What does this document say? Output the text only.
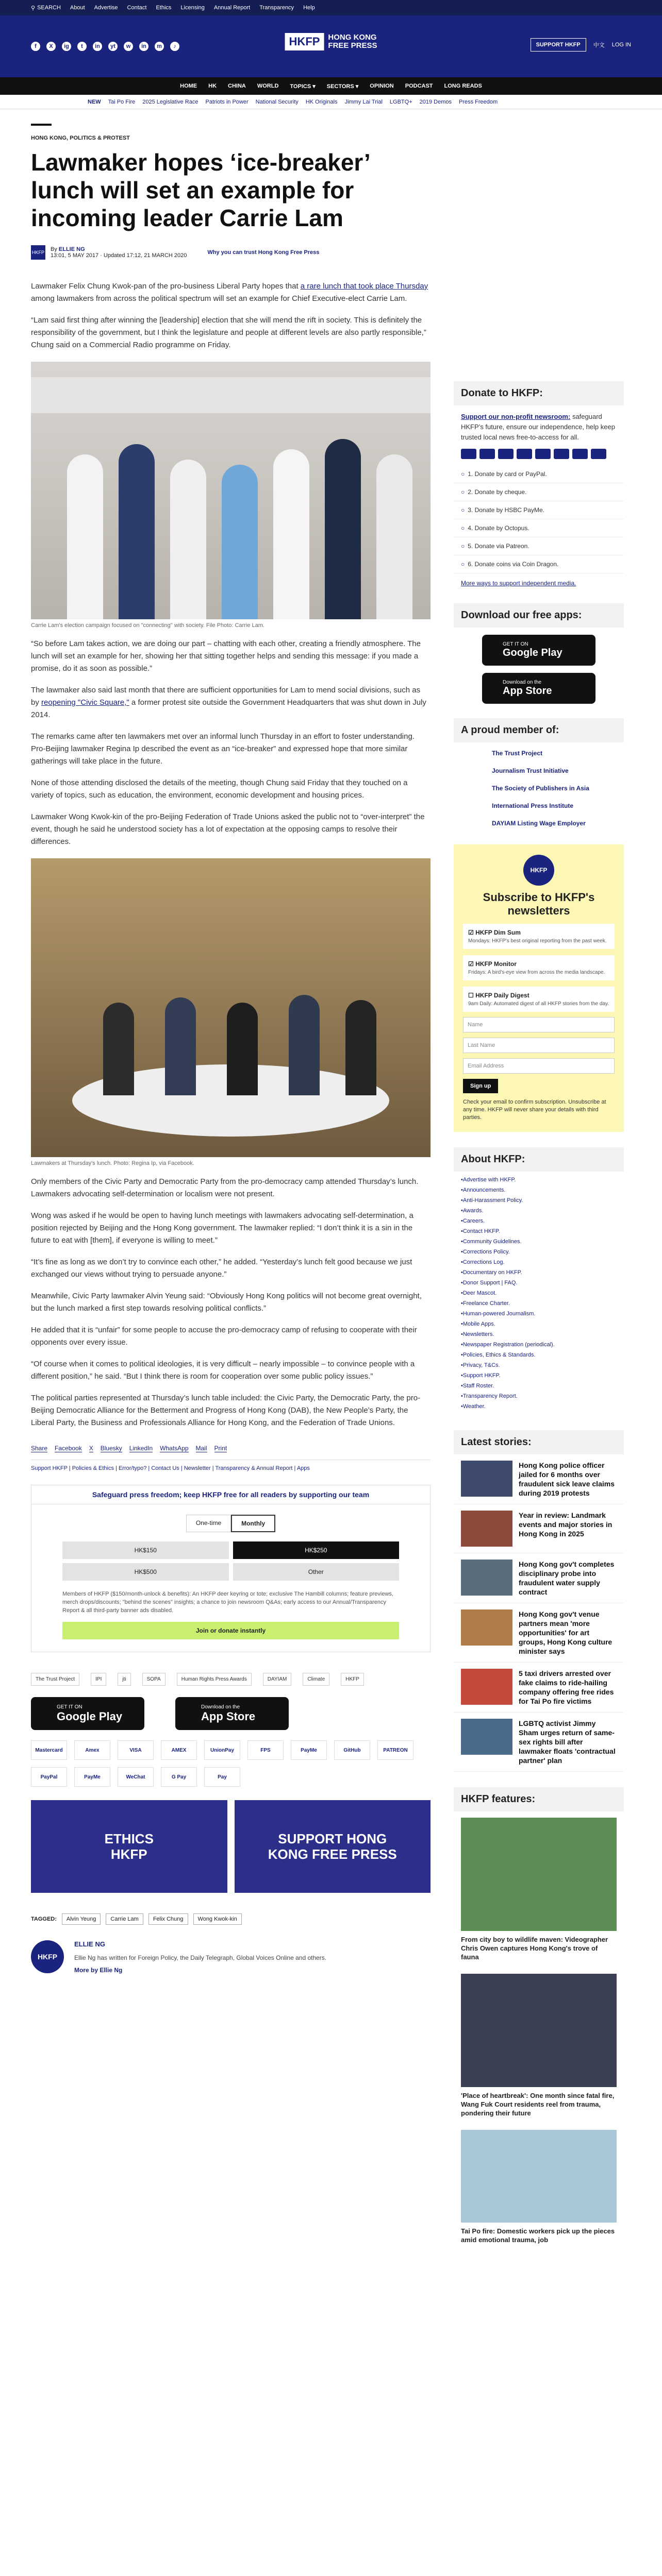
⚲ SEARCH About Advertise Contact Ethics Licensing Annual Report Transparency Help
f	X	ig	t	in	yt	w	in	m	♪	HKFP	HONG KONG
FREE PRESS	SUPPORT HKFP	中文 LOG IN
HOME HK CHINA WORLD TOPICS ▾ SECTORS ▾ OPINION PODCAST LONG READS
NEW Tai Po Fire 2025 Legislative Race Patriots in Power National Security HK Originals Jimmy Lai Trial LGBTQ+ 2019 Demos Press Freedom
HONG KONG, POLITICS & PROTEST
Lawmaker hopes ‘ice-breaker’ lunch will set an example for incoming leader Carrie Lam
HKFP By ELLIE NG
13:01, 5 MAY 2017 · Updated 17:12, 21 MARCH 2020	Why you can trust Hong Kong Free Press

Lawmaker Felix Chung Kwok-pan of the pro-business Liberal Party hopes that a rare lunch that took place Thursday among lawmakers from across the political spectrum will set an example for Chief Executive-elect Carrie Lam.

“Lam said first thing after winning the [leadership] election that she will mend the rift in society. This is definitely the responsibility of the government, but I think the legislature and people at different levels are also partly responsible,” Chung said on a Commercial Radio programme on Friday.

Carrie Lam's election campaign focused on "connecting" with society. File Photo: Carrie Lam.

“So before Lam takes action, we are doing our part – chatting with each other, creating a friendly atmosphere. The lunch will set an example for her, showing her that sitting together helps and sending this message: if you made a promise, do it as soon as possible.”

The lawmaker also said last month that there are sufficient opportunities for Lam to mend social divisions, such as by reopening "Civic Square," a former protest site outside the Government Headquarters that was shut down in July 2014.

The remarks came after ten lawmakers met over an informal lunch Thursday in an effort to foster understanding. Pro-Beijing lawmaker Regina Ip described the event as an “ice-breaker” and expressed hope that more similar gatherings will take place in the future.

None of those attending disclosed the details of the meeting, though Chung said Friday that they touched on a variety of topics, such as education, the environment, economic development and housing prices.

Lawmaker Wong Kwok-kin of the pro-Beijing Federation of Trade Unions asked the public not to “over-interpret” the event, though he said he understood society has a lot of expectation at the opposing camps to resolve their differences.

Lawmakers at Thursday's lunch. Photo: Regina Ip, via Facebook.

Only members of the Civic Party and Democratic Party from the pro-democracy camp attended Thursday’s lunch. Lawmakers advocating self-determination or localism were not present.

Wong was asked if he would be open to having lunch meetings with lawmakers advocating self-determination, a position rejected by Beijing and the Hong Kong government. The lawmaker replied: “I don’t think it is a sin in the future to eat with [them], if everyone is willing to meet.”

“It’s fine as long as we don’t try to convince each other,” he added. “Yesterday’s lunch felt good because we just exchanged our views without trying to persuade anyone.”

Meanwhile, Civic Party lawmaker Alvin Yeung said: “Obviously Hong Kong politics will not become great overnight, but the lunch marked a first step towards resolving political conflicts.”

He added that it is “unfair” for some people to accuse the pro-democracy camp of refusing to cooperate with their opponents over every issue.

“Of course when it comes to political ideologies, it is very difficult – nearly impossible – to convince people with a different position,” he said. “But I think there is room for cooperation over some public policy issues.”

The political parties represented at Thursday’s lunch table included: the Civic Party, the Democratic Party, the pro-Beijing Democratic Alliance for the Betterment and Progress of Hong Kong (DAB), the New People’s Party, the Liberal Party, the Business and Professionals Alliance for Hong Kong, and the Federation of Trade Unions.

Share Facebook X Bluesky LinkedIn WhatsApp Mail Print
Support HKFP | Policies & Ethics | Error/typo? | Contact Us | Newsletter | Transparency & Annual Report | Apps
Safeguard press freedom; keep HKFP free for all readers by supporting our team
One-time	Monthly
HK$150	HK$250
HK$500	Other
Members of HKFP ($150/month-unlock & benefits): An HKFP deer keyring or tote; exclusive The Hambill columns; feature previews, merch drops/discounts; "behind the scenes" insights; a chance to join newsroom Q&As; early access to our Annual/Transparency Report & all third-party banner ads disabled.
Join or donate instantly
The Trust Project	IPI	jti	SOPA	Human Rights Press Awards	DAYIAM	Climate	HKFP
GET IT ON
Google Play
Download on the
App Store
Mastercard	Amex	VISA	AMEX	UnionPay	FPS	PayMe	GitHub	PATREON
PayPal	PayMe	WeChat	G Pay	Pay
ETHICS
HKFP
SUPPORT HONG
KONG FREE PRESS
TAGGED:	Alvin Yeung	Carrie Lam	Felix Chung	Wong Kwok-kin
HKFP
ELLIE NG
Ellie Ng has written for Foreign Policy, the Daily Telegraph, Global Voices Online and others.
More by Ellie Ng
Donate to HKFP:
Support our non-profit newsroom: safeguard HKFP’s future, ensure our independence, help keep trusted local news free-to-access for all.
○ 1. Donate by card or PayPal.
○ 2. Donate by cheque.
○ 3. Donate by HSBC PayMe.
○ 4. Donate by Octopus.
○ 5. Donate via Patreon.
○ 6. Donate coins via Coin Dragon.
More ways to support independent media.
Download our free apps:
GET IT ON
Google Play
Download on the
App Store
A proud member of:
The Trust Project
Journalism Trust Initiative
The Society of Publishers in Asia
International Press Institute
DAYIAM Listing Wage Employer
HKFP
Subscribe to HKFP's newsletters
☑ HKFP Dim Sum
Mondays: HKFP's best original reporting from the past week.
☑ HKFP Monitor
Fridays: A bird's-eye view from across the media landscape.
☐ HKFP Daily Digest
9am Daily: Automated digest of all HKFP stories from the day.
Name
Last Name
Email Address
Sign up
Check your email to confirm subscription. Unsubscribe at any time. HKFP will never share your details with third parties.
About HKFP:
• Advertise with HKFP.
• Announcements.
• Anti-Harassment Policy.
• Awards.
• Careers.
• Contact HKFP.
• Community Guidelines.
• Corrections Policy.
• Corrections Log.
• Documentary on HKFP.
• Donor Support | FAQ.
• Deer Mascot.
• Freelance Charter.
• Human-powered Journalism.
• Mobile Apps.
• Newsletters.
• Newspaper Registration (periodical).
• Policies, Ethics & Standards.
• Privacy, T&Cs.
• Support HKFP.
• Staff Roster.
• Transparency Report.
• Weather.
Latest stories:
Hong Kong police officer jailed for 6 months over fraudulent sick leave claims during 2019 protests
Year in review: Landmark events and major stories in Hong Kong in 2025
Hong Kong gov't completes disciplinary probe into fraudulent water supply contract
Hong Kong gov't venue partners mean 'more opportunities' for art groups, Hong Kong culture minister says
5 taxi drivers arrested over fake claims to ride-hailing company offering free rides for Tai Po fire victims
LGBTQ activist Jimmy Sham urges return of same-sex rights bill after lawmaker floats 'contractual partner' plan
HKFP features:
From city boy to wildlife maven: Videographer Chris Owen captures Hong Kong's trove of fauna
'Place of heartbreak': One month since fatal fire, Wang Fuk Court residents reel from trauma, pondering their future
Tai Po fire: Domestic workers pick up the pieces amid emotional trauma, job
